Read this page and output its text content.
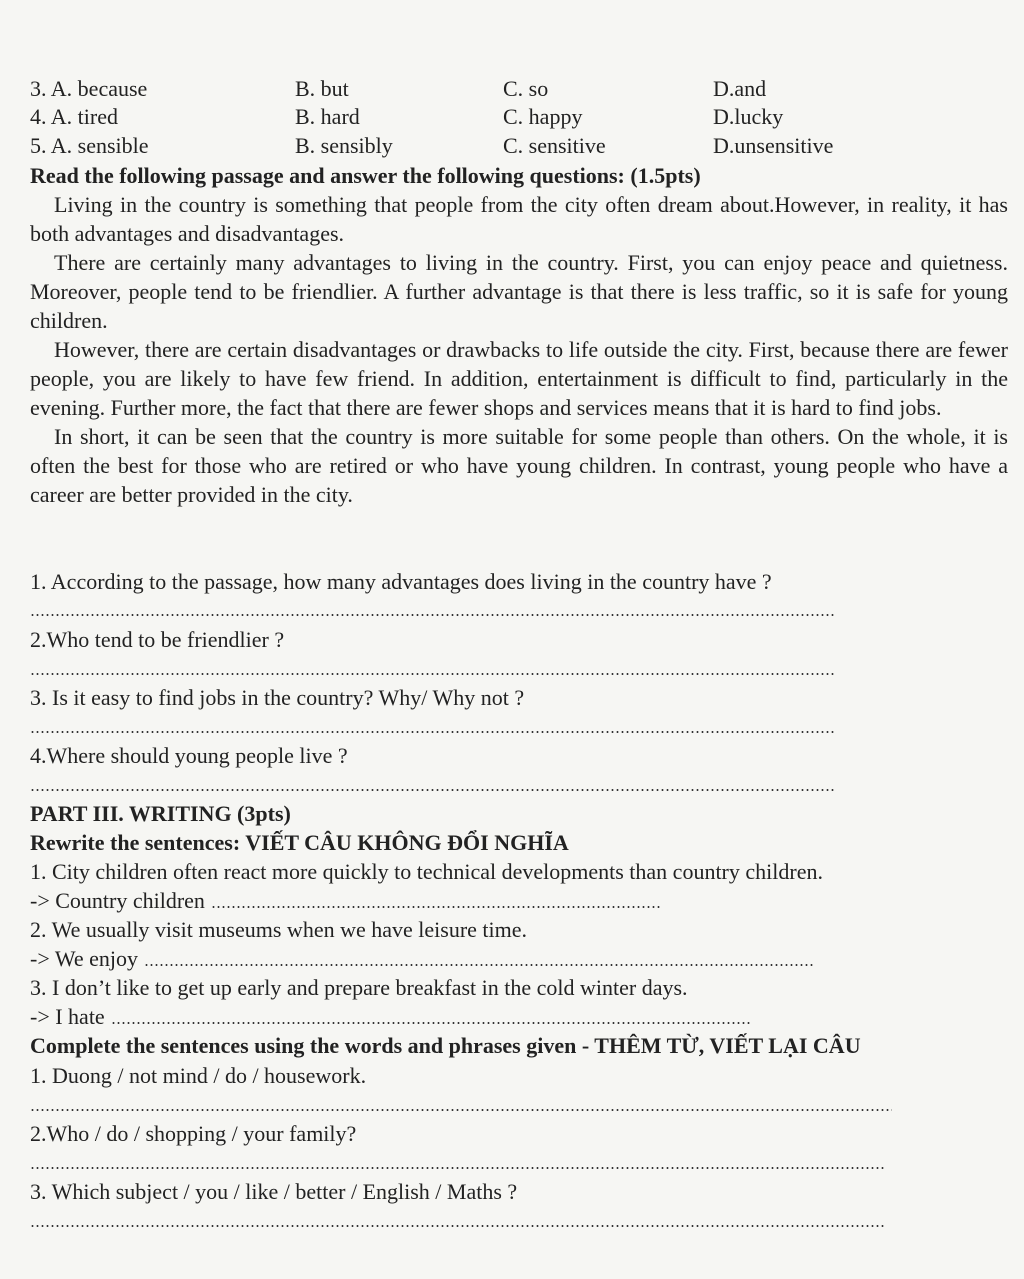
3. A. because	B. but	C. so	D.and
4. A. tired	B. hard	C. happy	D.lucky
5. A. sensible	B. sensibly	C. sensitive	D.unsensitive
Read the following passage and answer the following questions: (1.5pts)

Living in the country is something that people from the city often dream about.However, in reality, it has both advantages and disadvantages.

There are certainly many advantages to living in the country. First, you can enjoy peace and quietness. Moreover, people tend to be friendlier. A further advantage is that there is less traffic, so it is safe for young children.

However, there are certain disadvantages or drawbacks to life outside the city. First, because there are fewer people, you are likely to have few friend. In addition, entertainment is difficult to find, particularly in the evening. Further more, the fact that there are fewer shops and services means that it is hard to find jobs.

In short, it can be seen that the country is more suitable for some people than others. On the whole, it is often the best for those who are retired or who have young children. In contrast, young people who have a career are better provided in the city.

1. According to the passage, how many advantages does living in the country have ?
2.Who tend to be friendlier ?
3. Is it easy to find jobs in the country? Why/ Why not ?
4.Where should young people live ?
PART III. WRITING (3pts)
Rewrite the sentences: VIẾT CÂU KHÔNG ĐỔI NGHĨA
1. City children often react more quickly to technical developments than country children.
-> Country children
2. We usually visit museums when we have leisure time.
-> We enjoy
3. I don’t like to get up early and prepare breakfast in the cold winter days.
-> I hate
Complete the sentences using the words and phrases given - THÊM TỪ, VIẾT LẠI CÂU
1. Duong / not mind / do / housework.
2.Who / do / shopping / your family?
3. Which subject / you / like / better / English / Maths ?
